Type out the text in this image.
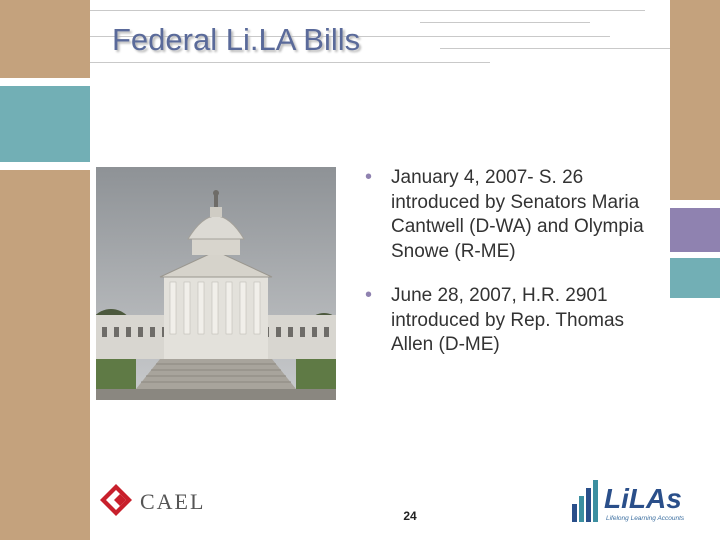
Federal Li.LA Bills
• January 4, 2007- S. 26 introduced by Senators Maria Cantwell (D-WA) and Olympia Snowe (R-ME)
• June 28, 2007, H.R. 2901 introduced by Rep. Thomas Allen (D-ME)
CAEL	LiLAs
Lifelong Learning Accounts
24
